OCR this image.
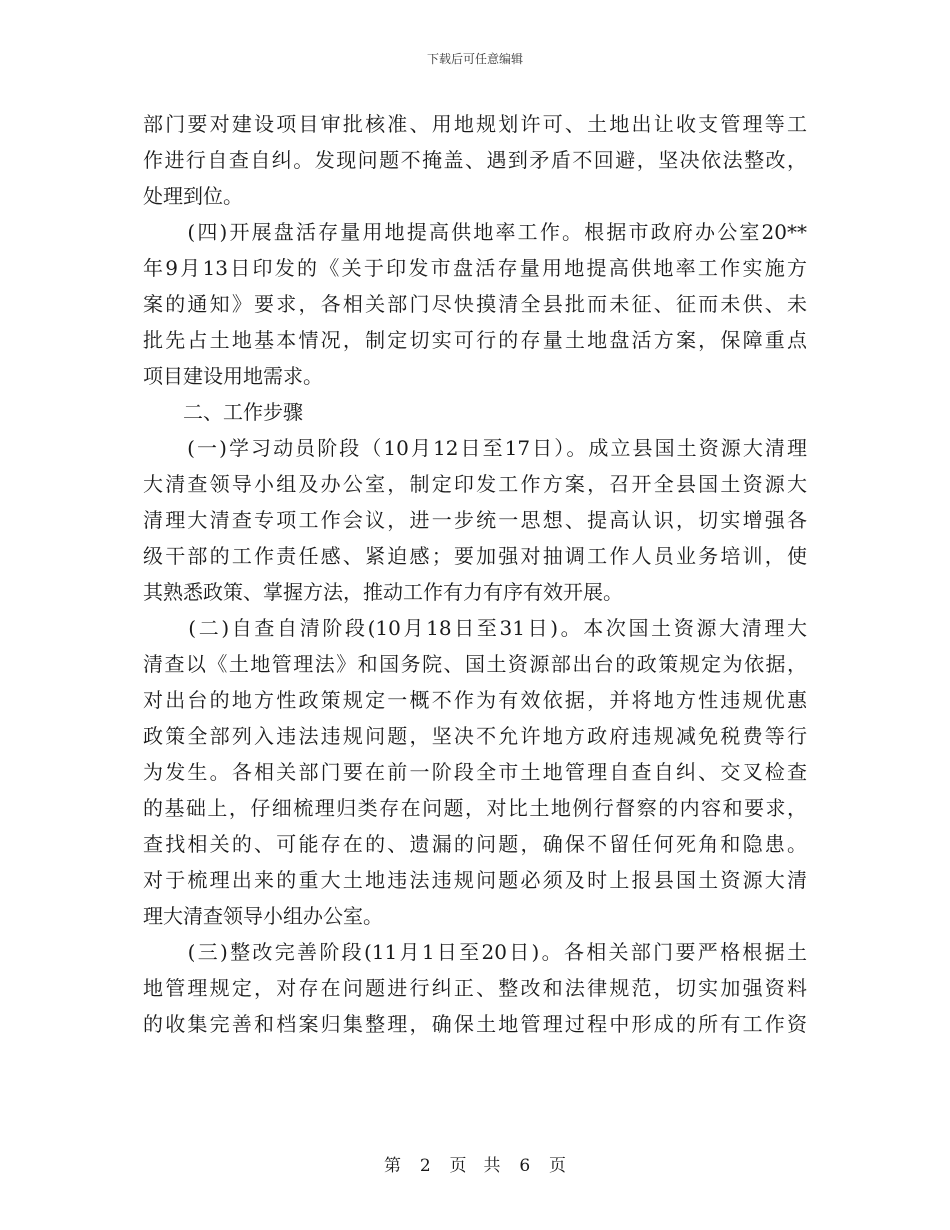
下载后可任意编辑
部门要对建设项目审批核准、用地规划许可、土地出让收支管理等工
作进行自查自纠。发现问题不掩盖、遇到矛盾不回避，坚决依法整改，
处理到位。
　　(四)开展盘活存量用地提高供地率工作。根据市政府办公室20**
年9月13日印发的《关于印发市盘活存量用地提高供地率工作实施方
案的通知》要求，各相关部门尽快摸清全县批而未征、征而未供、未
批先占土地基本情况，制定切实可行的存量土地盘活方案，保障重点
项目建设用地需求。
　　二、工作步骤
　　(一)学习动员阶段（10月12日至17日）。成立县国土资源大清理
大清查领导小组及办公室，制定印发工作方案，召开全县国土资源大
清理大清查专项工作会议，进一步统一思想、提高认识，切实增强各
级干部的工作责任感、紧迫感；要加强对抽调工作人员业务培训，使
其熟悉政策、掌握方法，推动工作有力有序有效开展。
　　(二)自查自清阶段(10月18日至31日)。本次国土资源大清理大
清查以《土地管理法》和国务院、国土资源部出台的政策规定为依据，
对出台的地方性政策规定一概不作为有效依据，并将地方性违规优惠
政策全部列入违法违规问题，坚决不允许地方政府违规减免税费等行
为发生。各相关部门要在前一阶段全市土地管理自查自纠、交叉检查
的基础上，仔细梳理归类存在问题，对比土地例行督察的内容和要求，
查找相关的、可能存在的、遗漏的问题，确保不留任何死角和隐患。
对于梳理出来的重大土地违法违规问题必须及时上报县国土资源大清
理大清查领导小组办公室。
　　(三)整改完善阶段(11月1日至20日)。各相关部门要严格根据土
地管理规定，对存在问题进行纠正、整改和法律规范，切实加强资料
的收集完善和档案归集整理，确保土地管理过程中形成的所有工作资
第 2 页　共 6 页
